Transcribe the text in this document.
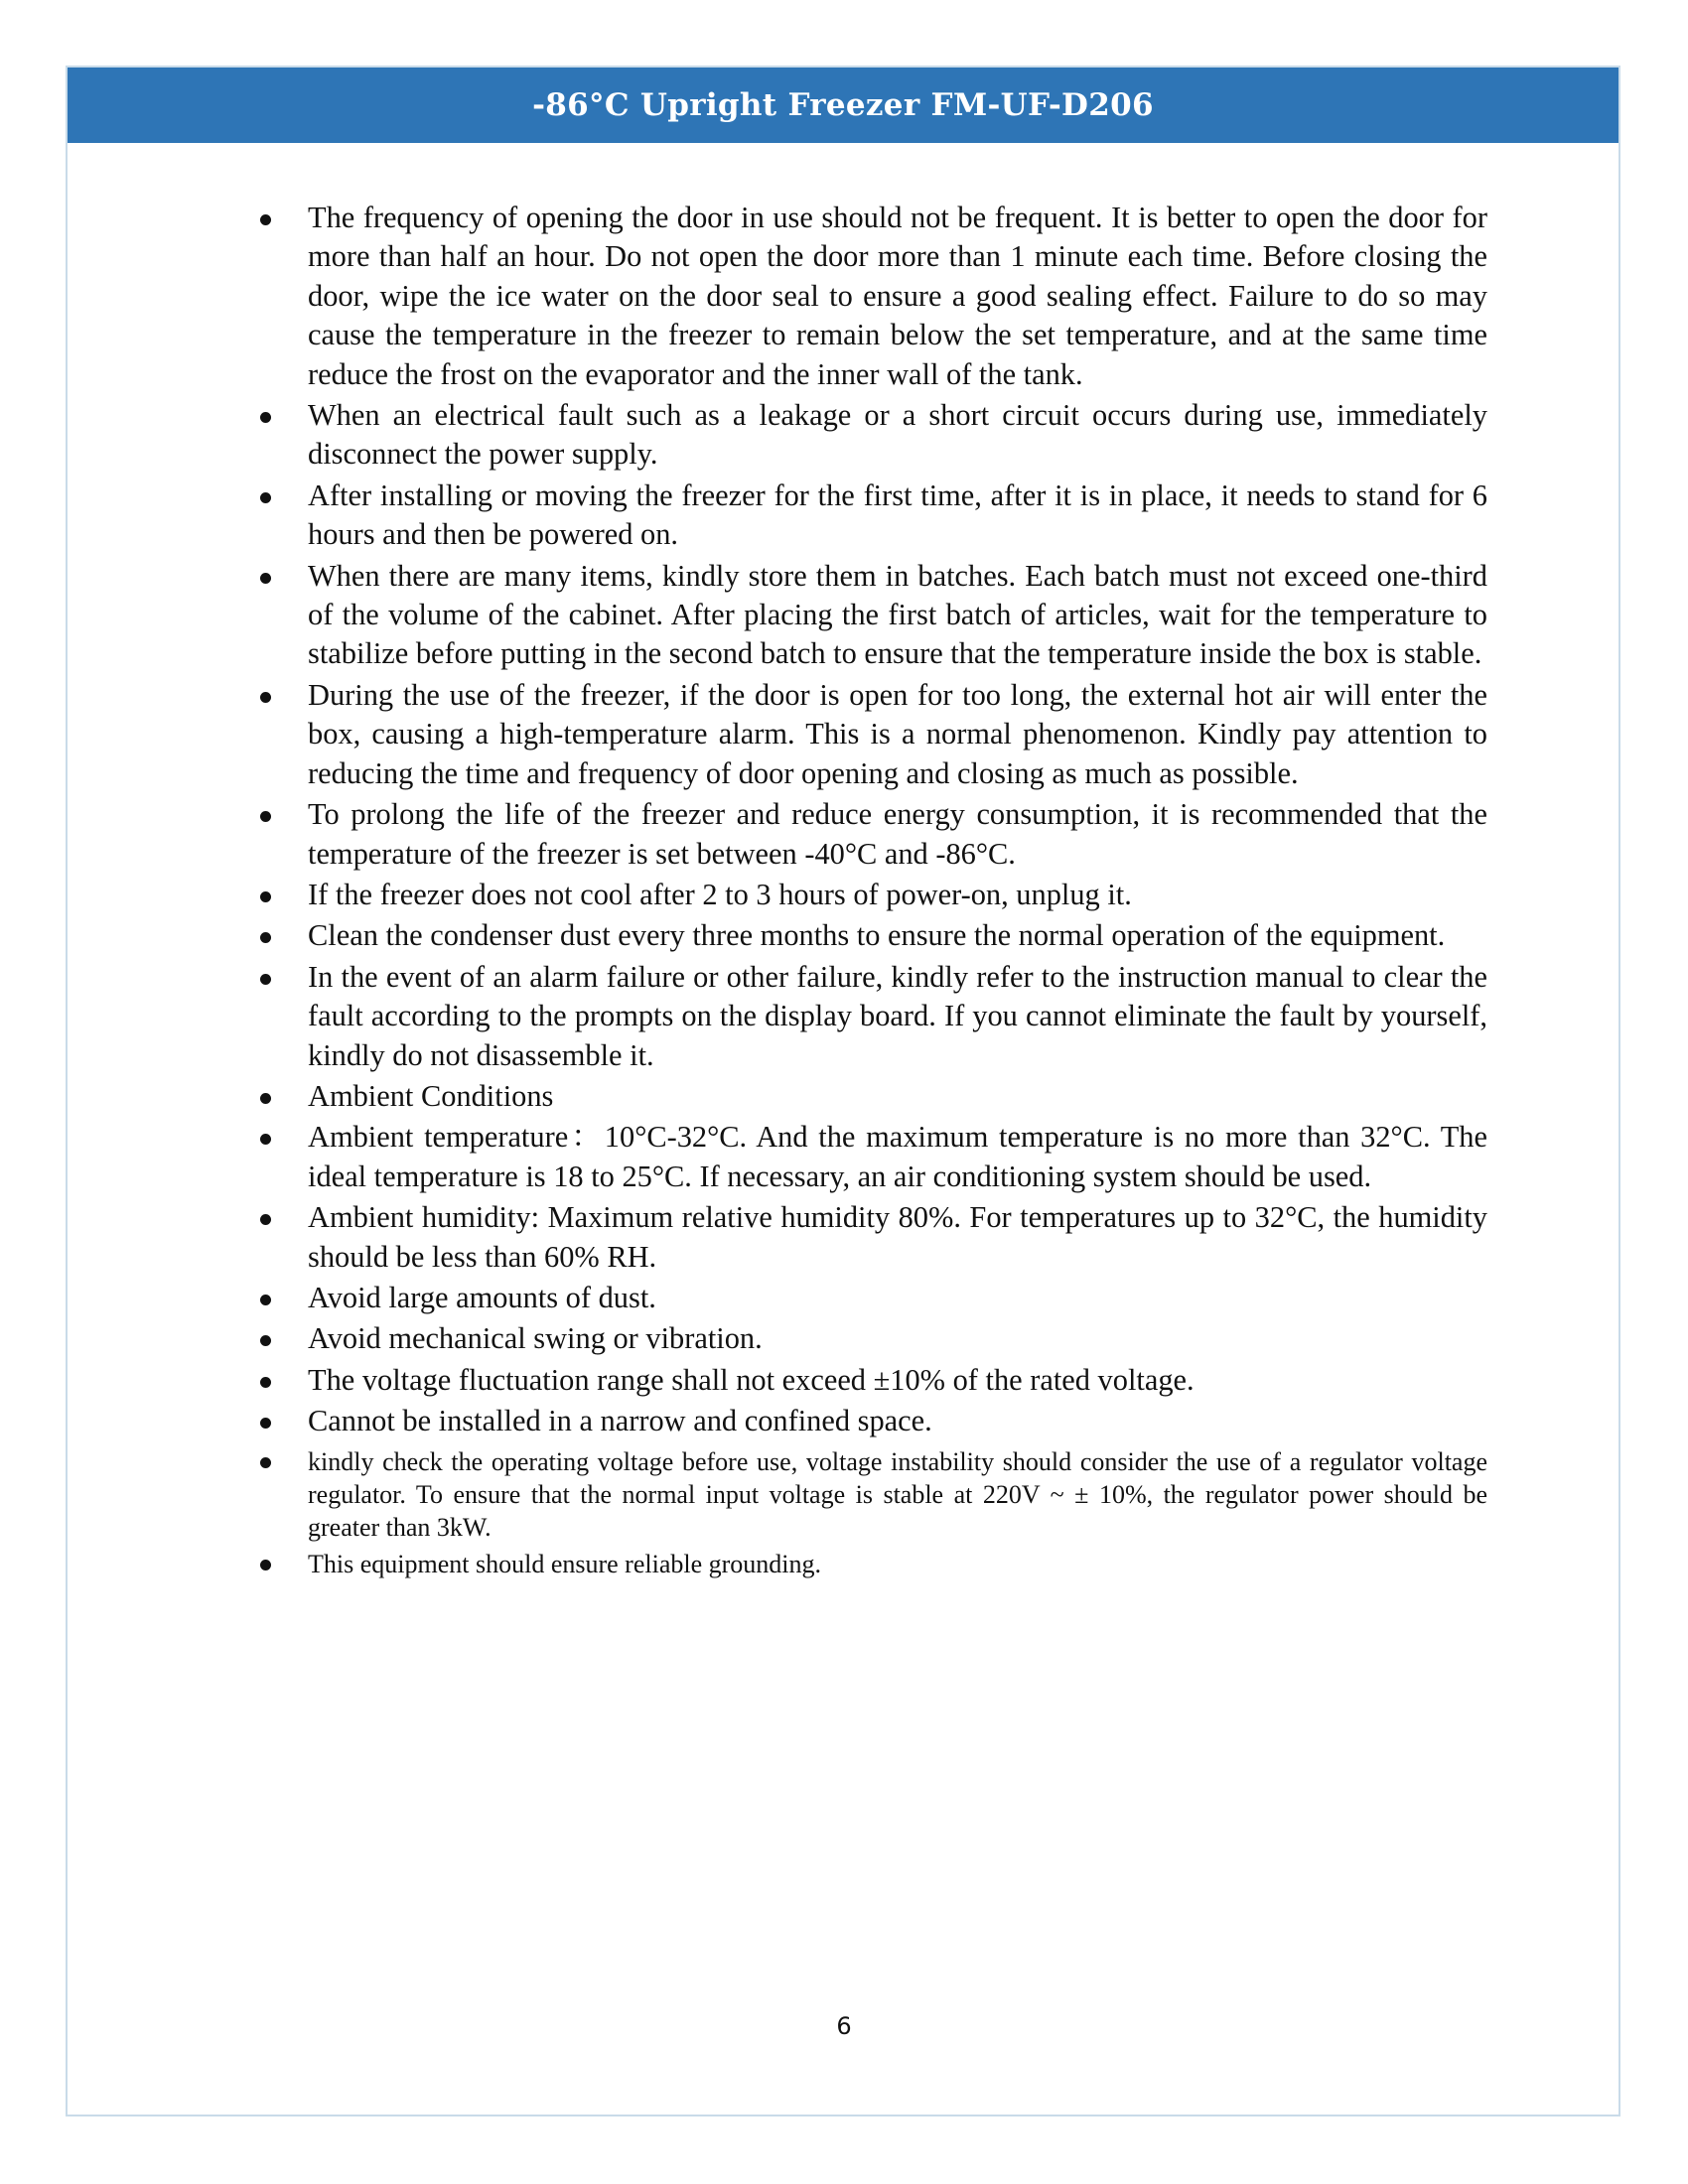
-86°C Upright Freezer FM-UF-D206
The frequency of opening the door in use should not be frequent. It is better to open the door for more than half an hour. Do not open the door more than 1 minute each time. Before closing the door, wipe the ice water on the door seal to ensure a good sealing effect. Failure to do so may cause the temperature in the freezer to remain below the set temperature, and at the same time reduce the frost on the evaporator and the inner wall of the tank.
When an electrical fault such as a leakage or a short circuit occurs during use, immediately disconnect the power supply.
After installing or moving the freezer for the first time, after it is in place, it needs to stand for 6 hours and then be powered on.
When there are many items, kindly store them in batches. Each batch must not exceed one-third of the volume of the cabinet. After placing the first batch of articles, wait for the temperature to stabilize before putting in the second batch to ensure that the temperature inside the box is stable.
During the use of the freezer, if the door is open for too long, the external hot air will enter the box, causing a high-temperature alarm. This is a normal phenomenon. Kindly pay attention to reducing the time and frequency of door opening and closing as much as possible.
To prolong the life of the freezer and reduce energy consumption, it is recommended that the temperature of the freezer is set between -40°C and -86°C.
If the freezer does not cool after 2 to 3 hours of power-on, unplug it.
Clean the condenser dust every three months to ensure the normal operation of the equipment.
In the event of an alarm failure or other failure, kindly refer to the instruction manual to clear the fault according to the prompts on the display board. If you cannot eliminate the fault by yourself, kindly do not disassemble it.
Ambient Conditions
Ambient temperature：10°C-32°C. And the maximum temperature is no more than 32°C. The ideal temperature is 18 to 25°C. If necessary, an air conditioning system should be used.
Ambient humidity: Maximum relative humidity 80%. For temperatures up to 32°C, the humidity should be less than 60% RH.
Avoid large amounts of dust.
Avoid mechanical swing or vibration.
The voltage fluctuation range shall not exceed ±10% of the rated voltage.
Cannot be installed in a narrow and confined space.
kindly check the operating voltage before use, voltage instability should consider the use of a regulator voltage regulator. To ensure that the normal input voltage is stable at 220V ~ ± 10%, the regulator power should be greater than 3kW.
This equipment should ensure reliable grounding.
6
